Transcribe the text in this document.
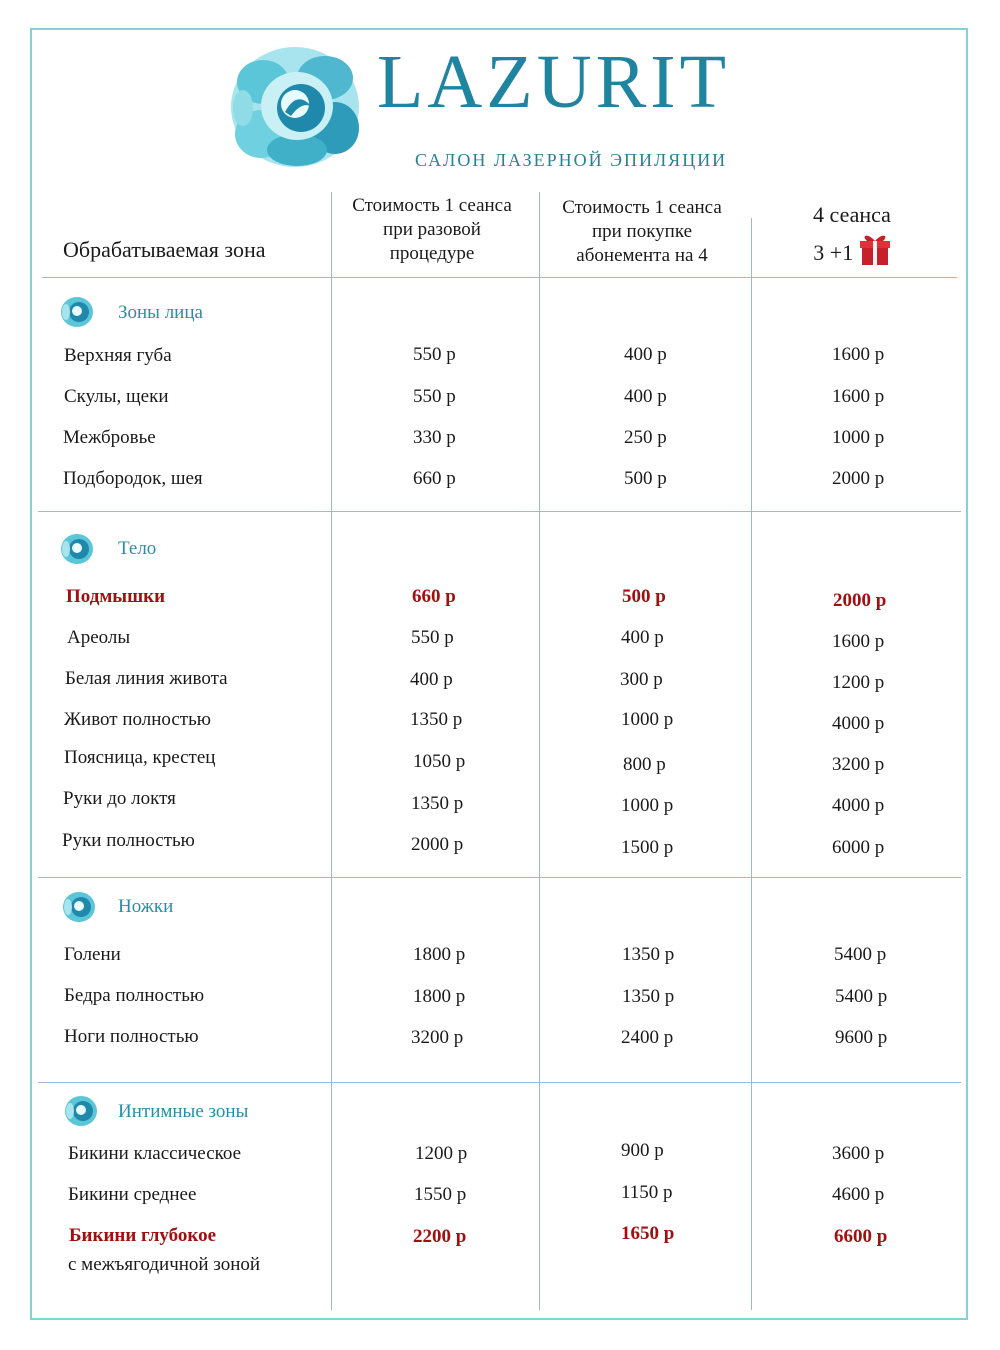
LAZURIT
САЛОН ЛАЗЕРНОЙ ЭПИЛЯЦИИ
Обрабатываемая зона
Стоимость 1 сеанса
при разовой
процедуре
Стоимость 1 сеанса
при покупке
абонемента на 4
4 сеанса
3 +1
Зоны лица
Тело
Ножки
Интимные зоны
Верхняя губа	550 р	400 р	1600 р
Скулы, щеки	550 р	400 р	1600 р
Межбровье	330 р	250 р	1000 р
Подбородок, шея	660 р	500 р	2000 р
Подмышки	660 р	500 р	2000 р
Ареолы	550 р	400 р	1600 р
Белая линия живота	400 р	300 р	1200 р
Живот полностью	1350 р	1000 р	4000 р
Поясница, крестец	1050 р	800 р	3200 р
Руки до локтя	1350 р	1000 р	4000 р
Руки полностью	2000 р	1500 р	6000 р
Голени	1800 р	1350 р	5400 р
Бедра полностью	1800 р	1350 р	5400 р
Ноги полностью	3200 р	2400 р	9600 р
Бикини классическое	1200 р	900 р	3600 р
Бикини среднее	1550 р	1150 р	4600 р
Бикини глубокое
с межъягодичной зоной
2200 р	1650 р	6600 р
